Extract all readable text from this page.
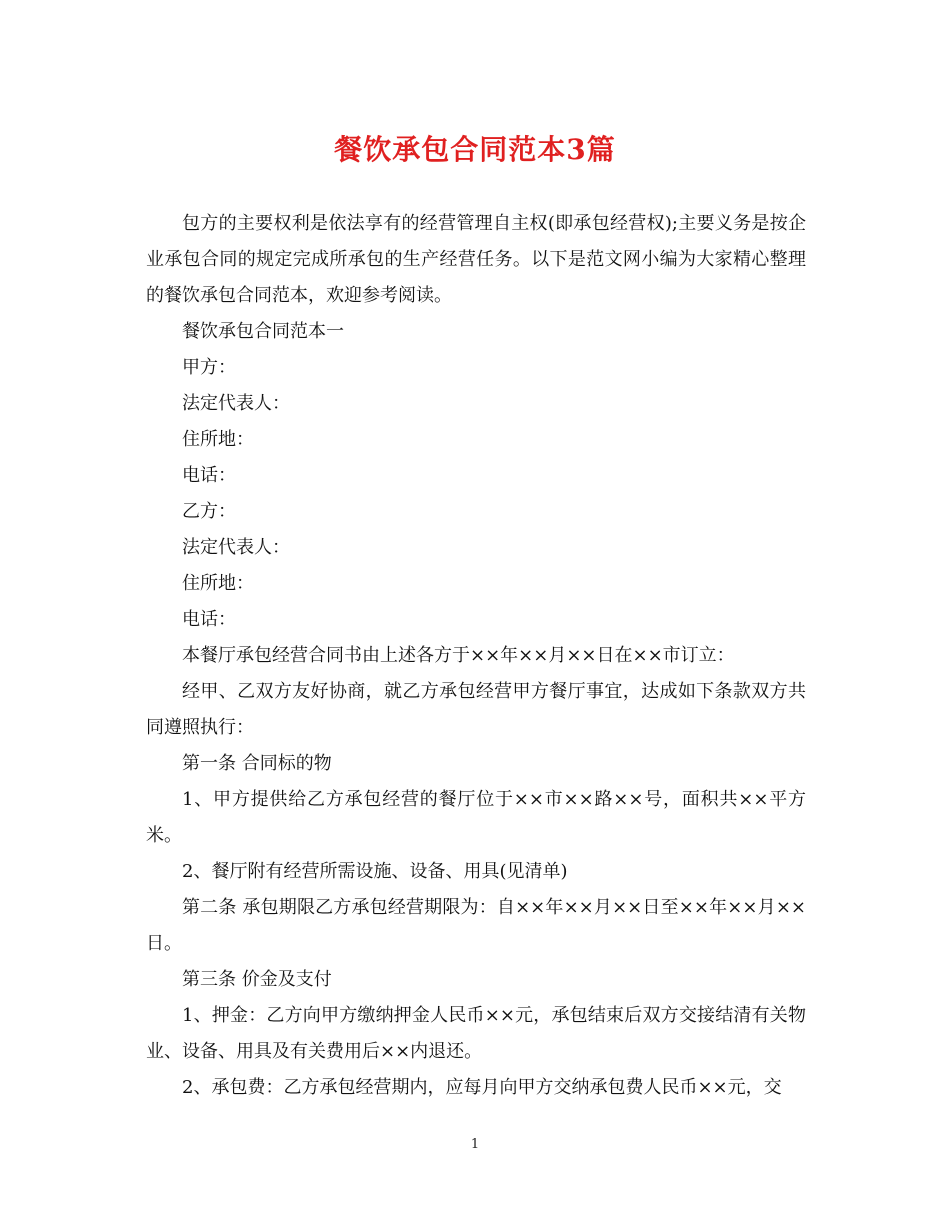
餐饮承包合同范本3篇

包方的主要权利是依法享有的经营管理自主权(即承包经营权);主要义务是按企业承包合同的规定完成所承包的生产经营任务。以下是范文网小编为大家精心整理的餐饮承包合同范本，欢迎参考阅读。

餐饮承包合同范本一

甲方：

法定代表人：

住所地：

电话：

乙方：

法定代表人：

住所地：

电话：

本餐厅承包经营合同书由上述各方于××年××月××日在××市订立：

经甲、乙双方友好协商，就乙方承包经营甲方餐厅事宜，达成如下条款双方共同遵照执行：

第一条 合同标的物

1、甲方提供给乙方承包经营的餐厅位于××市××路××号，面积共××平方米。

2、餐厅附有经营所需设施、设备、用具(见清单)

第二条 承包期限乙方承包经营期限为：自××年××月××日至××年××月××日。

第三条 价金及支付

1、押金：乙方向甲方缴纳押金人民币××元，承包结束后双方交接结清有关物业、设备、用具及有关费用后××内退还。

2、承包费：乙方承包经营期内，应每月向甲方交纳承包费人民币××元，交

1
